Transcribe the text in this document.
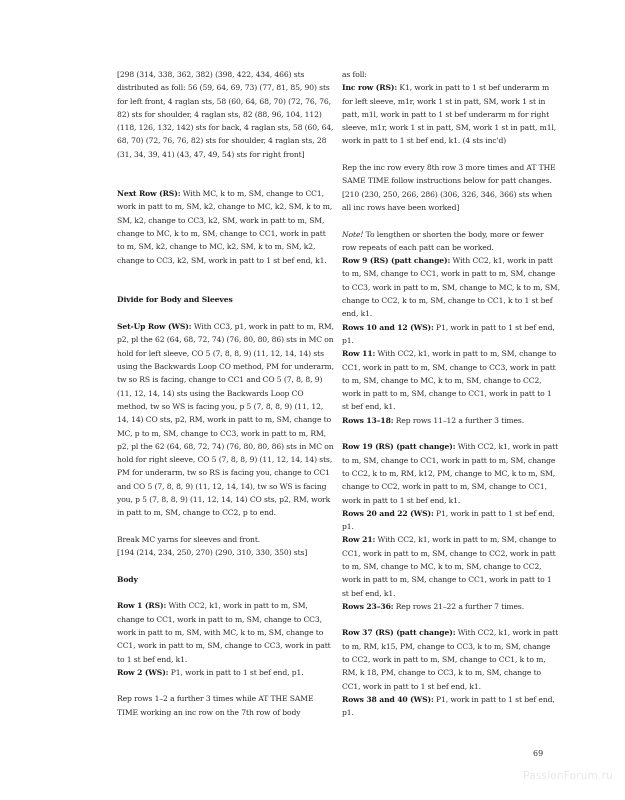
[298 (314, 338, 362, 382) (398, 422, 434, 466) sts distributed as foll: 56 (59, 64, 69, 73) (77, 81, 85, 90) sts for left front, 4 raglan sts, 58 (60, 64, 68, 70) (72, 76, 76, 82) sts for shoulder, 4 raglan sts, 82 (88, 96, 104, 112) (118, 126, 132, 142) sts for back, 4 raglan sts, 58 (60, 64, 68, 70) (72, 76, 76, 82) sts for shoulder, 4 raglan sts, 28 (31, 34, 39, 41) (43, 47, 49, 54) sts for right front]

Next Row (RS): With MC, k to m, SM, change to CC1, work in patt to m, SM, k2, change to MC, k2, SM, k to m, SM, k2, change to CC3, k2, SM, work in patt to m, SM, change to MC, k to m, SM, change to CC1, work in patt to m, SM, k2, change to MC, k2, SM, k to m, SM, k2, change to CC3, k2, SM, work in patt to 1 st bef end, k1.

Divide for Body and Sleeves

Set-Up Row (WS): With CC3, p1, work in patt to m, RM, p2, pl the 62 (64, 68, 72, 74) (76, 80, 80, 86) sts in MC on hold for left sleeve, CO 5 (7, 8, 8, 9) (11, 12, 14, 14) sts using the Backwards Loop CO method, PM for underarm, tw so RS is facing, change to CC1 and CO 5 (7, 8, 8, 9) (11, 12, 14, 14) sts using the Backwards Loop CO method, tw so WS is facing you, p 5 (7, 8, 8, 9) (11, 12, 14, 14) CO sts, p2, RM, work in patt to m, SM, change to MC, p to m, SM, change to CC3, work in patt to m, RM, p2, pl the 62 (64, 68, 72, 74) (76, 80, 80, 86) sts in MC on hold for right sleeve, CO 5 (7, 8, 8, 9) (11, 12, 14, 14) sts, PM for underarm, tw so RS is facing you, change to CC1 and CO 5 (7, 8, 8, 9) (11, 12, 14, 14), tw so WS is facing you, p 5 (7, 8, 8, 9) (11, 12, 14, 14) CO sts, p2, RM, work in patt to m, SM, change to CC2, p to end.

Break MC yarns for sleeves and front.

[194 (214, 234, 250, 270) (290, 310, 330, 350) sts]

Body

Row 1 (RS): With CC2, k1, work in patt to m, SM, change to CC1, work in patt to m, SM, change to CC3, work in patt to m, SM, with MC, k to m, SM, change to CC1, work in patt to m, SM, change to CC3, work in patt to 1 st bef end, k1.

Row 2 (WS): P1, work in patt to 1 st bef end, p1.

Rep rows 1–2 a further 3 times while AT THE SAME TIME working an inc row on the 7th row of body

as foll:

Inc row (RS): K1, work in patt to 1 st bef underarm m for left sleeve, m1r, work 1 st in patt, SM, work 1 st in patt, m1l, work in patt to 1 st bef underarm m for right sleeve, m1r, work 1 st in patt, SM, work 1 st in patt, m1l, work in patt to 1 st bef end, k1. (4 sts inc'd)

Rep the inc row every 8th row 3 more times and AT THE SAME TIME follow instructions below for patt changes.

[210 (230, 250, 266, 286) (306, 326, 346, 366) sts when all inc rows have been worked]

Note! To lengthen or shorten the body, more or fewer row repeats of each patt can be worked.

Row 9 (RS) (patt change): With CC2, k1, work in patt to m, SM, change to CC1, work in patt to m, SM, change to CC3, work in patt to m, SM, change to MC, k to m, SM, change to CC2, k to m, SM, change to CC1, k to 1 st bef end, k1.

Rows 10 and 12 (WS): P1, work in patt to 1 st bef end, p1.

Row 11: With CC2, k1, work in patt to m, SM, change to CC1, work in patt to m, SM, change to CC3, work in patt to m, SM, change to MC, k to m, SM, change to CC2, work in patt to m, SM, change to CC1, work in patt to 1 st bef end, k1.

Rows 13–18: Rep rows 11–12 a further 3 times.

Row 19 (RS) (patt change): With CC2, k1, work in patt to m, SM, change to CC1, work in patt to m, SM, change to CC2, k to m, RM, k12, PM, change to MC, k to m, SM, change to CC2, work in patt to m, SM, change to CC1, work in patt to 1 st bef end, k1.

Rows 20 and 22 (WS): P1, work in patt to 1 st bef end, p1.

Row 21: With CC2, k1, work in patt to m, SM, change to CC1, work in patt to m, SM, change to CC2, work in patt to m, SM, change to MC, k to m, SM, change to CC2, work in patt to m, SM, change to CC1, work in patt to 1 st bef end, k1.

Rows 23–36: Rep rows 21–22 a further 7 times.

Row 37 (RS) (patt change): With CC2, k1, work in patt to m, RM, k15, PM, change to CC3, k to m, SM, change to CC2, work in patt to m, SM, change to CC1, k to m, RM, k 18, PM, change to CC3, k to m, SM, change to CC1, work in patt to 1 st bef end, k1.

Rows 38 and 40 (WS): P1, work in patt to 1 st bef end, p1.

69
PassionForum.ru
